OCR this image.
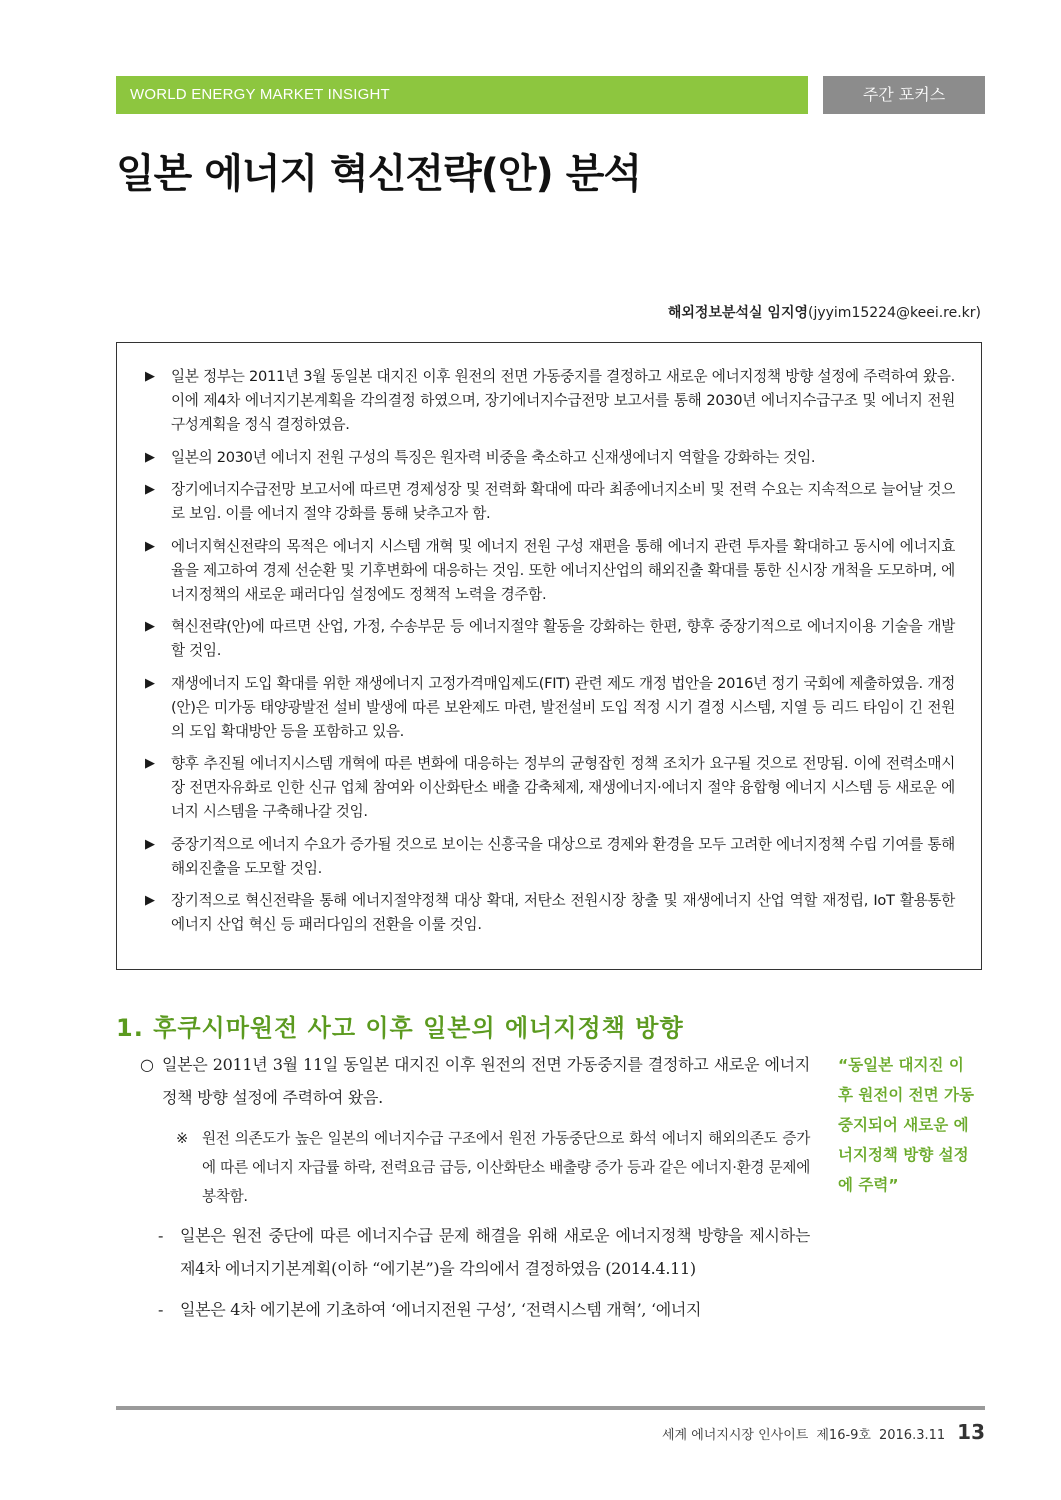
WORLD ENERGY MARKET INSIGHT	주간 포커스
일본 에너지 혁신전략(안) 분석
해외정보분석실 임지영(jyyim15224@keei.re.kr)
▶	일본 정부는 2011년 3월 동일본 대지진 이후 원전의 전면 가동중지를 결정하고 새로운 에너지정책 방향 설정에 주력하여 왔음. 이에 제4차 에너지기본계획을 각의결정 하였으며, 장기에너지수급전망 보고서를 통해 2030년 에너지수급구조 및 에너지 전원 구성계획을 정식 결정하였음.
▶	일본의 2030년 에너지 전원 구성의 특징은 원자력 비중을 축소하고 신재생에너지 역할을 강화하는 것임.
▶	장기에너지수급전망 보고서에 따르면 경제성장 및 전력화 확대에 따라 최종에너지소비 및 전력 수요는 지속적으로 늘어날 것으로 보임. 이를 에너지 절약 강화를 통해 낮추고자 함.
▶	에너지혁신전략의 목적은 에너지 시스템 개혁 및 에너지 전원 구성 재편을 통해 에너지 관련 투자를 확대하고 동시에 에너지효율을 제고하여 경제 선순환 및 기후변화에 대응하는 것임. 또한 에너지산업의 해외진출 확대를 통한 신시장 개척을 도모하며, 에너지정책의 새로운 패러다임 설정에도 정책적 노력을 경주함.
▶	혁신전략(안)에 따르면 산업, 가정, 수송부문 등 에너지절약 활동을 강화하는 한편, 향후 중장기적으로 에너지이용 기술을 개발할 것임.
▶	재생에너지 도입 확대를 위한 재생에너지 고정가격매입제도(FIT) 관련 제도 개정 법안을 2016년 정기 국회에 제출하였음. 개정(안)은 미가동 태양광발전 설비 발생에 따른 보완제도 마련, 발전설비 도입 적정 시기 결정 시스템, 지열 등 리드 타임이 긴 전원의 도입 확대방안 등을 포함하고 있음.
▶	향후 추진될 에너지시스템 개혁에 따른 변화에 대응하는 정부의 균형잡힌 정책 조치가 요구될 것으로 전망됨. 이에 전력소매시장 전면자유화로 인한 신규 업체 참여와 이산화탄소 배출 감축체제, 재생에너지·에너지 절약 융합형 에너지 시스템 등 새로운 에너지 시스템을 구축해나갈 것임.
▶	중장기적으로 에너지 수요가 증가될 것으로 보이는 신흥국을 대상으로 경제와 환경을 모두 고려한 에너지정책 수립 기여를 통해 해외진출을 도모할 것임.
▶	장기적으로 혁신전략을 통해 에너지절약정책 대상 확대, 저탄소 전원시장 창출 및 재생에너지 산업 역할 재정립, IoT 활용통한 에너지 산업 혁신 등 패러다임의 전환을 이룰 것임.
1. 후쿠시마원전 사고 이후 일본의 에너지정책 방향
○ 일본은 2011년 3월 11일 동일본 대지진 이후 원전의 전면 가동중지를 결정하고 새로운 에너지정책 방향 설정에 주력하여 왔음.
※ 원전 의존도가 높은 일본의 에너지수급 구조에서 원전 가동중단으로 화석 에너지 해외의존도 증가에 따른 에너지 자급률 하락, 전력요금 급등, 이산화탄소 배출량 증가 등과 같은 에너지·환경 문제에 봉착함.
-	일본은 원전 중단에 따른 에너지수급 문제 해결을 위해 새로운 에너지정책 방향을 제시하는 제4차 에너지기본계획(이하 “에기본”)을 각의에서 결정하였음 (2014.4.11)
-	일본은 4차 에기본에 기초하여 ‘에너지전원 구성’, ‘전력시스템 개혁’, ‘에너지
“동일본 대지진 이후 원전이 전면 가동 중지되어 새로운 에너지정책 방향 설정에 주력”
세계 에너지시장 인사이트 제16-9호 2016.3.11 13
